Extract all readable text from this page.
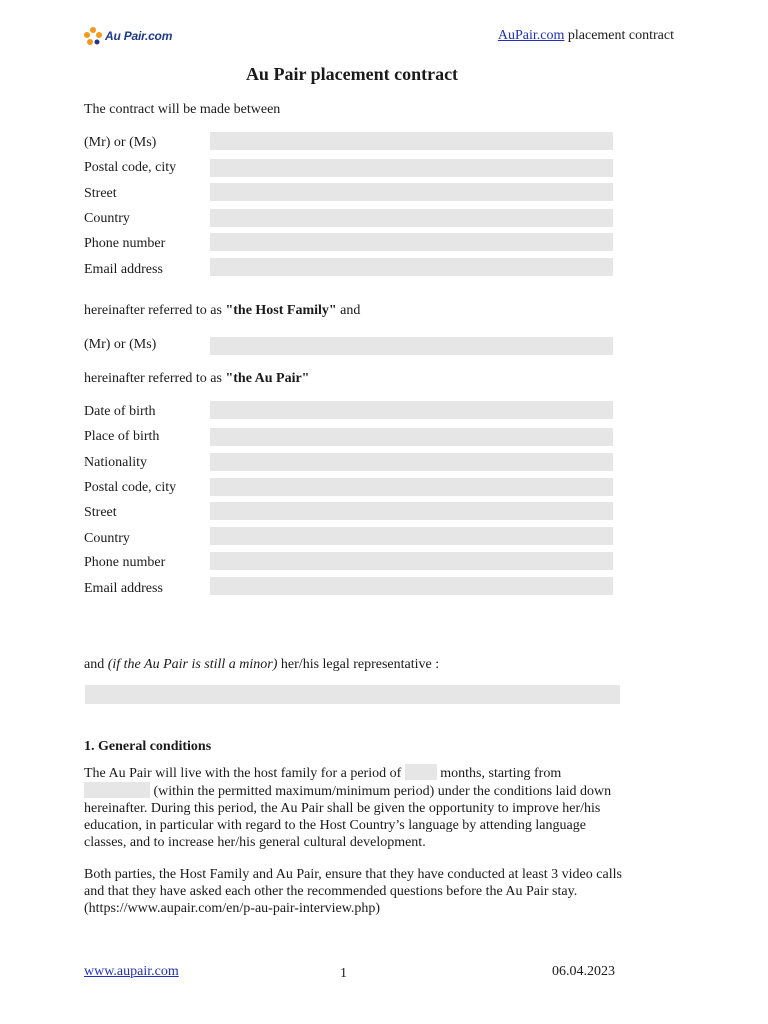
Au Pair.com	AuPair.com placement contract
Au Pair placement contract
The contract will be made between
(Mr) or (Ms)
Postal code, city
Street
Country
Phone number
Email address
hereinafter referred to as "the Host Family" and
(Mr) or (Ms)
hereinafter referred to as "the Au Pair"
Date of birth
Place of birth
Nationality
Postal code, city
Street
Country
Phone number
Email address
and (if the Au Pair is still a minor) her/his legal representative :
1. General conditions
The Au Pair will live with the host family for a period of  months, starting from
(within the permitted maximum/minimum period) under the conditions laid down hereinafter. During this period, the Au Pair shall be given the opportunity to improve her/his education, in particular with regard to the Host Country’s language by attending language classes, and to increase her/his general cultural development.
Both parties, the Host Family and Au Pair, ensure that they have conducted at least 3 video calls and that they have asked each other the recommended questions before the Au Pair stay. (https://www.aupair.com/en/p-au-pair-interview.php)
www.aupair.com	1	06.04.2023
